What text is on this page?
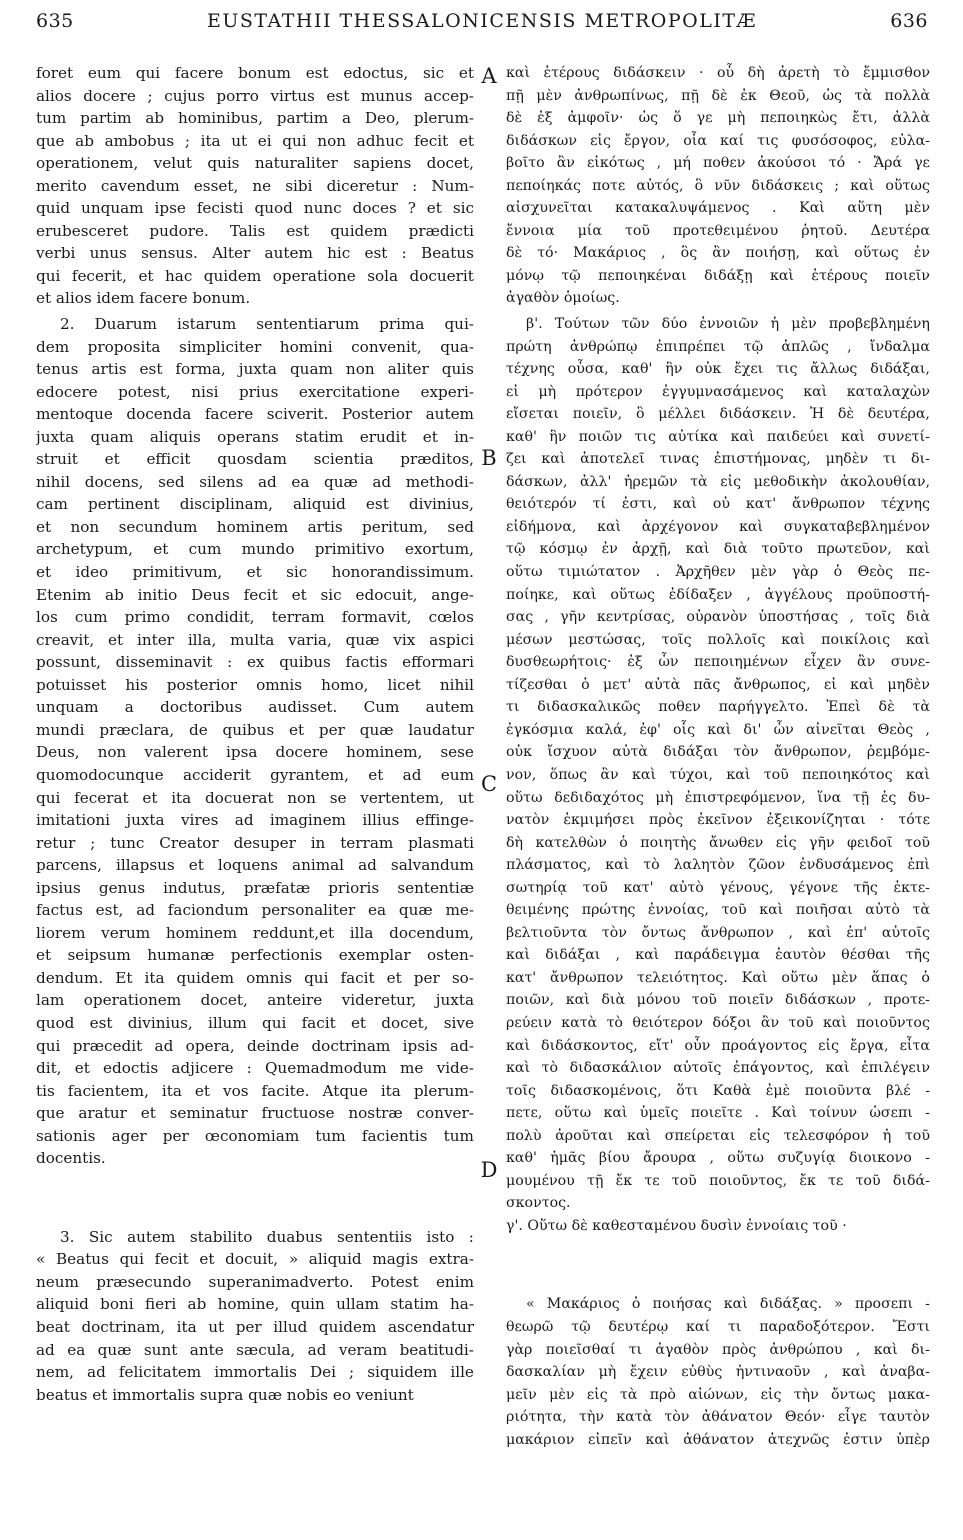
635	EUSTATHII THESSALONICENSIS METROPOLITÆ	636
foret eum qui facere bonum est edoctus, sic et
alios docere ; cujus porro virtus est munus accep-
tum partim ab hominibus, partim a Deo, plerum-
que ab ambobus ; ita ut ei qui non adhuc fecit et
operationem, velut quis naturaliter sapiens docet,
merito cavendum esset, ne sibi diceretur : Num-
quid unquam ipse fecisti quod nunc doces ? et sic
erubesceret pudore. Talis est quidem prædicti
verbi unus sensus. Alter autem hic est : Beatus
qui fecerit, et hac quidem operatione sola docuerit
et alios idem facere bonum.
2. Duarum istarum sententiarum prima qui-
dem proposita simpliciter homini convenit, qua-
tenus artis est forma, juxta quam non aliter quis
edocere potest, nisi prius exercitatione experi-
mentoque docenda facere sciverit. Posterior autem
juxta quam aliquis operans statim erudit et in-
struit et efficit quosdam scientia præditos,
nihil docens, sed silens ad ea quæ ad methodi-
cam pertinent disciplinam, aliquid est divinius,
et non secundum hominem artis peritum, sed
archetypum, et cum mundo primitivo exortum,
et ideo primitivum, et sic honorandissimum.
Etenim ab initio Deus fecit et sic edocuit, ange-
los cum primo condidit, terram formavit, cœlos
creavit, et inter illa, multa varia, quæ vix aspici
possunt, disseminavit : ex quibus factis efformari
potuisset his posterior omnis homo, licet nihil
unquam a doctoribus audisset. Cum autem
mundi præclara, de quibus et per quæ laudatur
Deus, non valerent ipsa docere hominem, sese
quomodocunque acciderit gyrantem, et ad eum
qui fecerat et ita docuerat non se vertentem, ut
imitationi juxta vires ad imaginem illius effinge-
retur ; tunc Creator desuper in terram plasmati
parcens, illapsus et loquens animal ad salvandum
ipsius genus indutus, præfatæ prioris sententiæ
factus est, ad faciondum personaliter ea quæ me-
liorem verum hominem reddunt,et illa docendum,
et seipsum humanæ perfectionis exemplar osten-
dendum. Et ita quidem omnis qui facit et per so-
lam operationem docet, anteire videretur, juxta
quod est divinius, illum qui facit et docet, sive
qui præcedit ad opera, deinde doctrinam ipsis ad-
dit, et edoctis adjicere : Quemadmodum me vide-
tis facientem, ita et vos facite. Atque ita plerum-
que aratur et seminatur fructuose nostræ conver-
sationis ager per œconomiam tum facientis tum
docentis.
3. Sic autem stabilito duabus sententiis isto :
« Beatus qui fecit et docuit, » aliquid magis extra-
neum præsecundo superanimadverto. Potest enim
aliquid boni fieri ab homine, quin ullam statim ha-
beat doctrinam, ita ut per illud quidem ascendatur
ad ea quæ sunt ante sæcula, ad veram beatitudi-
nem, ad felicitatem immortalis Dei ; siquidem ille
beatus et immortalis supra quæ nobis eo veniunt
καὶ ἑτέρους διδάσκειν · οὗ δὴ ἀρετὴ τὸ ἔμμισθον
πῇ μὲν ἀνθρωπίνως, πῇ δὲ ἐκ Θεοῦ, ὡς τὰ πολλὰ
δὲ ἐξ ἀμφοῖν· ὡς ὅ γε μὴ πεποιηκὼς ἔτι, ἀλλὰ
διδάσκων εἰς ἔργον, οἷα καί τις φυσόσοφος, εὐλα-
βοῖτο ἂν εἰκότως , μή ποθεν ἀκούσοι τό · Ἄρά γε
πεποίηκάς ποτε αὐτός, ὃ νῦν διδάσκεις ; καὶ οὕτως
αἰσχυνεῖται κατακαλυψάμενος . Καὶ αὕτη μὲν
ἔννοια μία τοῦ προτεθειμένου ῥητοῦ. Δευτέρα
δὲ τό· Μακάριος , ὃς ἂν ποιήσῃ, καὶ οὕτως ἐν
μόνῳ τῷ πεποιηκέναι διδάξῃ καὶ ἑτέρους ποιεῖν
ἀγαθὸν ὁμοίως.
β'. Τούτων τῶν δύο ἐννοιῶν ἡ μὲν προβεβλημένη
πρώτη ἀνθρώπῳ ἐπιπρέπει τῷ ἁπλῶς , ἴνδαλμα
τέχνης οὖσα, καθ' ἣν οὐκ ἔχει τις ἄλλως διδάξαι,
εἰ μὴ πρότερον ἐγγυμνασάμενος καὶ καταλαχὼν
εἴσεται ποιεῖν, ὃ μέλλει διδάσκειν. Ἡ δὲ δευτέρα,
καθ' ἣν ποιῶν τις αὐτίκα καὶ παιδεύει καὶ συνετί-
ζει καὶ ἀποτελεῖ τινας ἐπιστήμονας, μηδὲν τι δι-
δάσκων, ἀλλ' ἠρεμῶν τὰ εἰς μεθοδικὴν ἀκολουθίαν,
θειότερόν τί ἐστι, καὶ οὐ κατ' ἄνθρωπον τέχνης
εἰδήμονα, καὶ ἀρχέγονον καὶ συγκαταβεβλημένον
τῷ κόσμῳ ἐν ἀρχῇ, καὶ διὰ τοῦτο πρωτεῦον, καὶ
οὕτω τιμιώτατον . Ἀρχῆθεν μὲν γὰρ ὁ Θεὸς πε-
ποίηκε, καὶ οὕτως ἐδίδαξεν , ἀγγέλους προϋποστή-
σας , γῆν κεντρίσας, οὐρανὸν ὑποστήσας , τοῖς διὰ
μέσων μεστώσας, τοῖς πολλοῖς καὶ ποικίλοις καὶ
δυσθεωρήτοις· ἐξ ὧν πεποιημένων εἶχεν ἂν συνε-
τίζεσθαι ὁ μετ' αὐτὰ πᾶς ἄνθρωπος, εἰ καὶ μηδὲν
τι διδασκαλικῶς ποθεν παρήγγελτο. Ἐπεὶ δὲ τὰ
ἐγκόσμια καλά, ἐφ' οἷς καὶ δι' ὧν αἰνεῖται Θεὸς ,
οὐκ ἴσχυον αὐτὰ διδάξαι τὸν ἄνθρωπον, ῥεμβόμε-
νον, ὅπως ἂν καὶ τύχοι, καὶ τοῦ πεποιηκότος καὶ
οὕτω δεδιδαχότος μὴ ἐπιστρεφόμενον, ἵνα τῇ ἐς δυ-
νατὸν ἐκμιμήσει πρὸς ἐκεῖνον ἐξεικονίζηται · τότε
δὴ κατελθὼν ὁ ποιητὴς ἄνωθεν εἰς γῆν φειδοῖ τοῦ
πλάσματος, καὶ τὸ λαλητὸν ζῶον ἐνδυσάμενος ἐπὶ
σωτηρίᾳ τοῦ κατ' αὐτὸ γένους, γέγονε τῆς ἐκτε-
θειμένης πρώτης ἐννοίας, τοῦ καὶ ποιῆσαι αὐτὸ τὰ
βελτιοῦντα τὸν ὄντως ἄνθρωπον , καὶ ἐπ' αὐτοῖς
καὶ διδάξαι , καὶ παράδειγμα ἑαυτὸν θέσθαι τῆς
κατ' ἄνθρωπον τελειότητος. Καὶ οὕτω μὲν ἅπας ὁ
ποιῶν, καὶ διὰ μόνου τοῦ ποιεῖν διδάσκων , προτε-
ρεύειν κατὰ τὸ θειότερον δόξοι ἂν τοῦ καὶ ποιοῦντος
καὶ διδάσκοντος, εἴτ' οὖν προάγοντος εἰς ἔργα, εἶτα
καὶ τὸ διδασκάλιον αὐτοῖς ἐπάγοντος, καὶ ἐπιλέγειν
τοῖς διδασκομένοις, ὅτι Καθὰ ἐμὲ ποιοῦντα βλέ -
πετε, οὕτω καὶ ὑμεῖς ποιεῖτε . Καὶ τοίνυν ὡσεπι -
πολὺ ἀροῦται καὶ σπείρεται εἰς τελεσφόρον ἡ τοῦ
καθ' ἡμᾶς βίου ἄρουρα , οὕτω συζυγίᾳ διοικονο -
μουμένου τῇ ἔκ τε τοῦ ποιοῦντος, ἔκ τε τοῦ διδά-
σκοντος.
γ'. Οὕτω δὲ καθεσταμένου δυσὶν ἐννοίαις τοῦ ·
« Μακάριος ὁ ποιήσας καὶ διδάξας. » προσεπι -
θεωρῶ τῷ δευτέρῳ καί τι παραδοξότερον. Ἔστι
γὰρ ποιεῖσθαί τι ἀγαθὸν πρὸς ἀνθρώπου , καὶ δι-
δασκαλίαν μὴ ἔχειν εὐθὺς ἡντιναοῦν , καὶ ἀναβα-
μεῖν μὲν εἰς τὰ πρὸ αἰώνων, εἰς τὴν ὄντως μακα-
ριότητα, τὴν κατὰ τὸν ἀθάνατον Θεόν· εἶγε ταυτὸν
μακάριον εἰπεῖν καὶ ἀθάνατον ἀτεχνῶς ἐστιν ὑπὲρ
A
B
C
D
